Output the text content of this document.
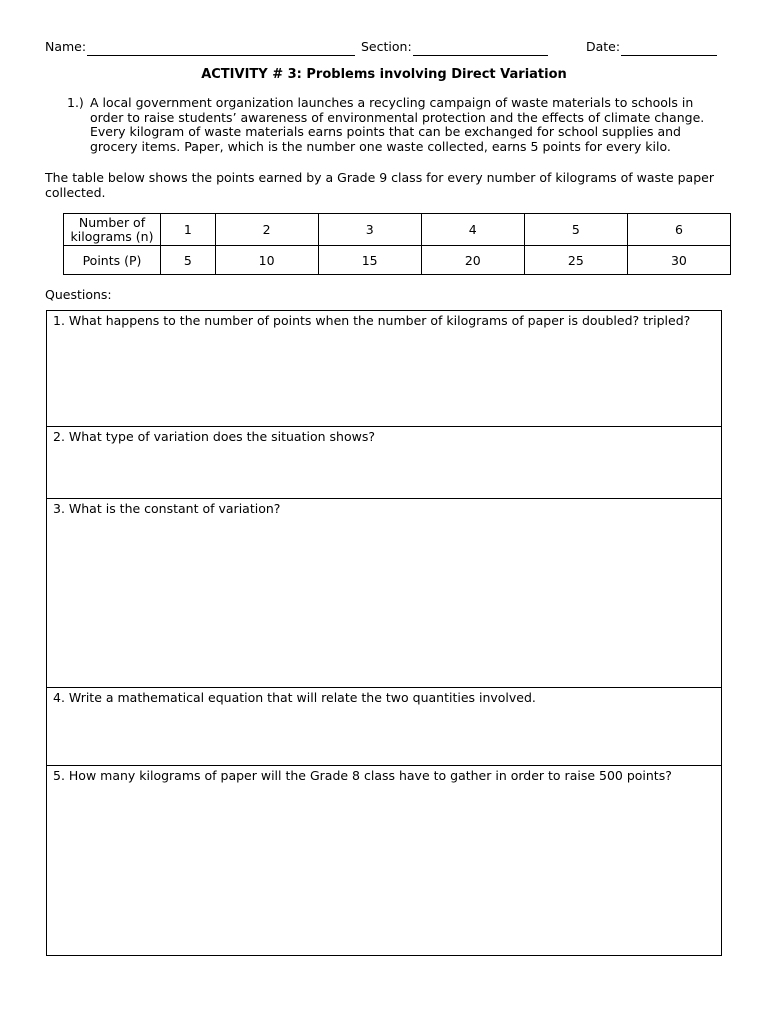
Name:	Section:	Date:
ACTIVITY # 3: Problems involving Direct Variation
1.) A local government organization launches a recycling campaign of waste materials to schools in order to raise students’ awareness of environmental protection and the effects of climate change. Every kilogram of waste materials earns points that can be exchanged for school supplies and grocery items. Paper, which is the number one waste collected, earns 5 points for every kilo.
The table below shows the points earned by a Grade 9 class for every number of kilograms of waste paper collected.
Number of kilograms (n)	1	2	3	4	5	6
Points (P)	5	10	15	20	25	30
Questions:
1. What happens to the number of points when the number of kilograms of paper is doubled? tripled?
2. What type of variation does the situation shows?
3. What is the constant of variation?
4. Write a mathematical equation that will relate the two quantities involved.
5. How many kilograms of paper will the Grade 8 class have to gather in order to raise 500 points?
